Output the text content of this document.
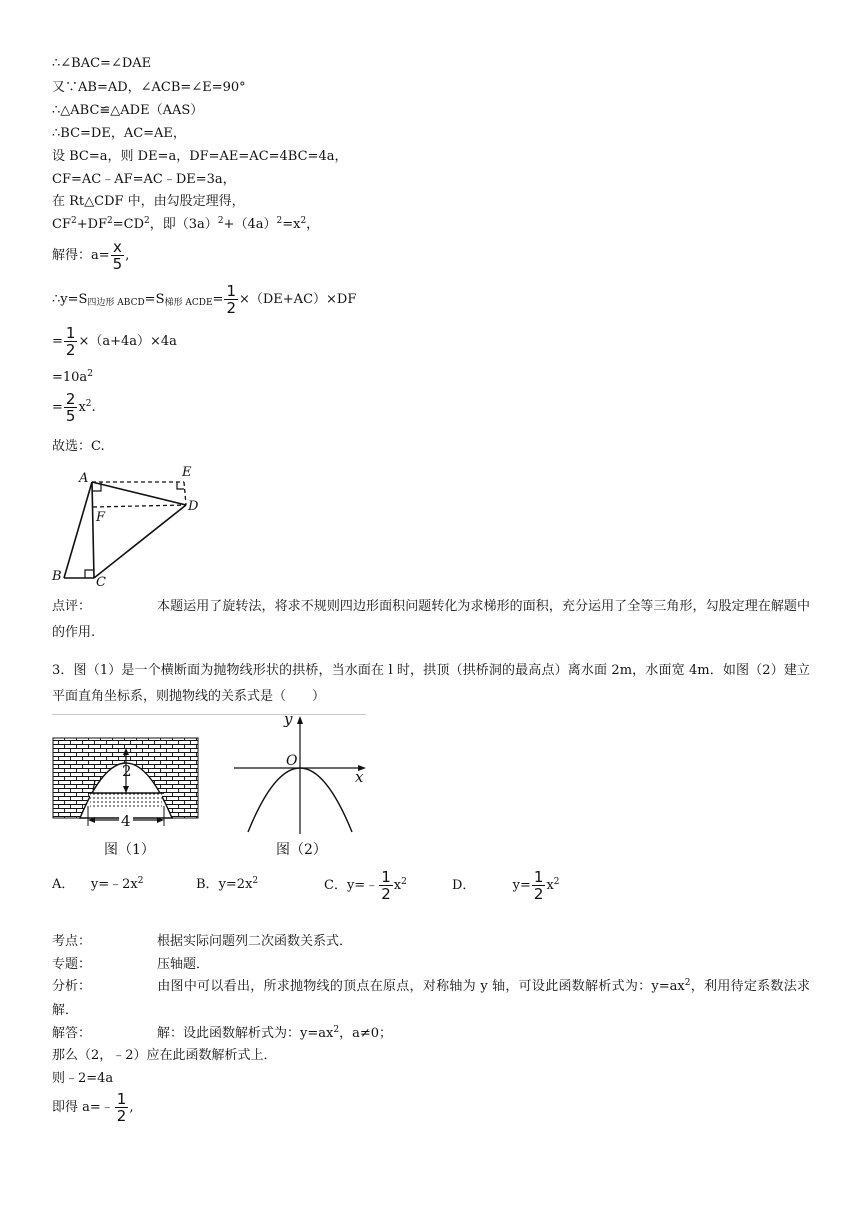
∴∠BAC=∠DAE
又∵AB=AD，∠ACB=∠E=90°
∴△ABC≌△ADE（AAS）
∴BC=DE，AC=AE，
设 BC=a，则 DE=a，DF=AE=AC=4BC=4a，
CF=AC﹣AF=AC﹣DE=3a，
在 Rt△CDF 中，由勾股定理得，
$CF^2+DF^2=CD^2$，即$(3a)^2+(4a)^2=x^2$，
解得：$a= \frac{x}{5}$ ,
$\therefore y=S_{四边形 ABCD}=S_{梯形 ACDE}= \frac{1}{2} \times(DE+AC)\times DF$
= $\frac{1}{2} \times(a+4a)\times 4a$
$=10a^2$
= $\frac{2}{5} x^2$.
故选：C.
A	E
D
F
B	C
点评：	本题运用了旋转法，将求不规则四边形面积问题转化为求梯形的面积，充分运用了全等三角形，勾股定理在解题中的作用.
3．图（1）是一个横断面为抛物线形状的拱桥，当水面在 l 时，拱顶（拱桥洞的最高点）离水面 2m，水面宽 4m．如图（2）建立平面直角坐标系，则抛物线的关系式是（　　）
2
l
4
图（1）
y
x
O
图（2）
A． $y=﹣2x^2$	B．$y=2x^2$	C．y=﹣ $\frac{1}{2} x^2$	D．	$y= \frac{1}{2} x^2$
考点：	根据实际问题列二次函数关系式．
专题：	压轴题．
分析：	由图中可以看出，所求抛物线的顶点在原点，对称轴为 y 轴，可设此函数解析式为：$y=ax^2$，利用待定系数法求解．
解答：	解：设此函数解析式为：$y=ax^2$，a≠0；
那么（2，﹣2）应在此函数解析式上．
则﹣2=4a
即得 a=﹣ $\frac{1}{2}$ ,
